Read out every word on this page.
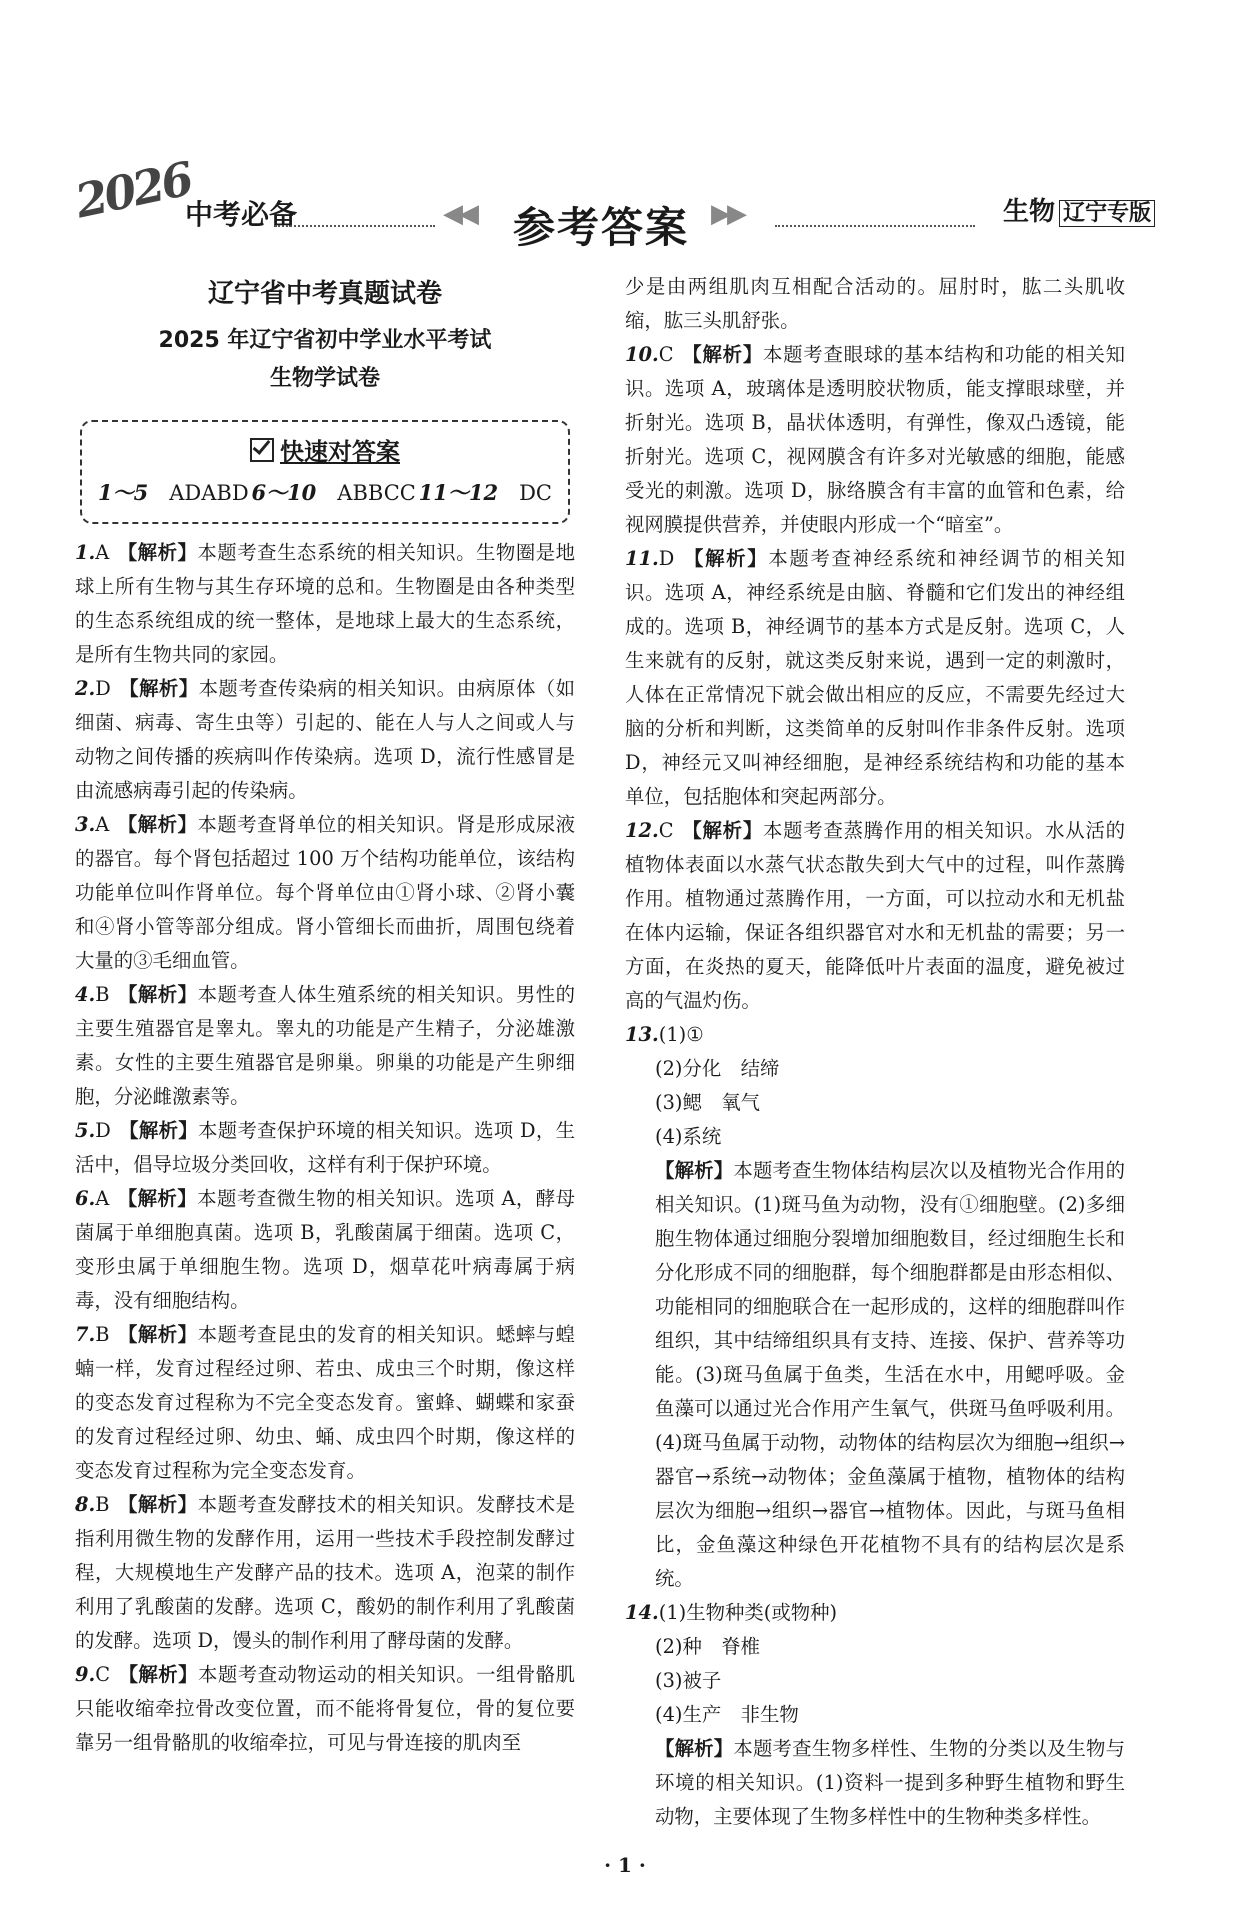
2026
中考必备	◀◀ 参考答案 ▶▶	生物 辽宁专版
辽宁省中考真题试卷
2025 年辽宁省初中学业水平考试
生物学试卷
快速对答案
1～5　 ADABD 6～10　 ABBCC 11～12　 DC

1.A 【解析】本题考查生态系统的相关知识。生物圈是地球上所有生物与其生存环境的总和。生物圈是由各种类型的生态系统组成的统一整体，是地球上最大的生态系统，是所有生物共同的家园。

2.D 【解析】本题考查传染病的相关知识。由病原体（如细菌、病毒、寄生虫等）引起的、能在人与人之间或人与动物之间传播的疾病叫作传染病。选项 D，流行性感冒是由流感病毒引起的传染病。

3.A 【解析】本题考查肾单位的相关知识。肾是形成尿液的器官。每个肾包括超过 100 万个结构功能单位，该结构功能单位叫作肾单位。每个肾单位由①肾小球、②肾小囊和④肾小管等部分组成。肾小管细长而曲折，周围包绕着大量的③毛细血管。

4.B 【解析】本题考查人体生殖系统的相关知识。男性的主要生殖器官是睾丸。睾丸的功能是产生精子，分泌雄激素。女性的主要生殖器官是卵巢。卵巢的功能是产生卵细胞，分泌雌激素等。

5.D 【解析】本题考查保护环境的相关知识。选项 D，生活中，倡导垃圾分类回收，这样有利于保护环境。

6.A 【解析】本题考查微生物的相关知识。选项 A，酵母菌属于单细胞真菌。选项 B，乳酸菌属于细菌。选项 C，变形虫属于单细胞生物。选项 D，烟草花叶病毒属于病毒，没有细胞结构。

7.B 【解析】本题考查昆虫的发育的相关知识。蟋蟀与蝗蝻一样，发育过程经过卵、若虫、成虫三个时期，像这样的变态发育过程称为不完全变态发育。蜜蜂、蝴蝶和家蚕的发育过程经过卵、幼虫、蛹、成虫四个时期，像这样的变态发育过程称为完全变态发育。

8.B 【解析】本题考查发酵技术的相关知识。发酵技术是指利用微生物的发酵作用，运用一些技术手段控制发酵过程，大规模地生产发酵产品的技术。选项 A，泡菜的制作利用了乳酸菌的发酵。选项 C，酸奶的制作利用了乳酸菌的发酵。选项 D，馒头的制作利用了酵母菌的发酵。

9.C 【解析】本题考查动物运动的相关知识。一组骨骼肌只能收缩牵拉骨改变位置，而不能将骨复位，骨的复位要靠另一组骨骼肌的收缩牵拉，可见与骨连接的肌肉至

少是由两组肌肉互相配合活动的。屈肘时，肱二头肌收缩，肱三头肌舒张。

10.C 【解析】本题考查眼球的基本结构和功能的相关知识。选项 A，玻璃体是透明胶状物质，能支撑眼球壁，并折射光。选项 B，晶状体透明，有弹性，像双凸透镜，能折射光。选项 C，视网膜含有许多对光敏感的细胞，能感受光的刺激。选项 D，脉络膜含有丰富的血管和色素，给视网膜提供营养，并使眼内形成一个“暗室”。

11.D 【解析】本题考查神经系统和神经调节的相关知识。选项 A，神经系统是由脑、脊髓和它们发出的神经组成的。选项 B，神经调节的基本方式是反射。选项 C，人生来就有的反射，就这类反射来说，遇到一定的刺激时，人体在正常情况下就会做出相应的反应，不需要先经过大脑的分析和判断，这类简单的反射叫作非条件反射。选项 D，神经元又叫神经细胞，是神经系统结构和功能的基本单位，包括胞体和突起两部分。

12.C 【解析】本题考查蒸腾作用的相关知识。水从活的植物体表面以水蒸气状态散失到大气中的过程，叫作蒸腾作用。植物通过蒸腾作用，一方面，可以拉动水和无机盐在体内运输，保证各组织器官对水和无机盐的需要；另一方面，在炎热的夏天，能降低叶片表面的温度，避免被过高的气温灼伤。

13.(1)①

(2)分化　结缔

(3)鳃　氧气

(4)系统

【解析】本题考查生物体结构层次以及植物光合作用的相关知识。(1)斑马鱼为动物，没有①细胞壁。(2)多细胞生物体通过细胞分裂增加细胞数目，经过细胞生长和分化形成不同的细胞群，每个细胞群都是由形态相似、功能相同的细胞联合在一起形成的，这样的细胞群叫作组织，其中结缔组织具有支持、连接、保护、营养等功能。(3)斑马鱼属于鱼类，生活在水中，用鳃呼吸。金鱼藻可以通过光合作用产生氧气，供斑马鱼呼吸利用。(4)斑马鱼属于动物，动物体的结构层次为细胞→组织→器官→系统→动物体；金鱼藻属于植物，植物体的结构层次为细胞→组织→器官→植物体。因此，与斑马鱼相比，金鱼藻这种绿色开花植物不具有的结构层次是系统。

14.(1)生物种类(或物种)

(2)种　脊椎

(3)被子

(4)生产　非生物

【解析】本题考查生物多样性、生物的分类以及生物与环境的相关知识。(1)资料一提到多种野生植物和野生动物，主要体现了生物多样性中的生物种类多样性。

· 1 ·
